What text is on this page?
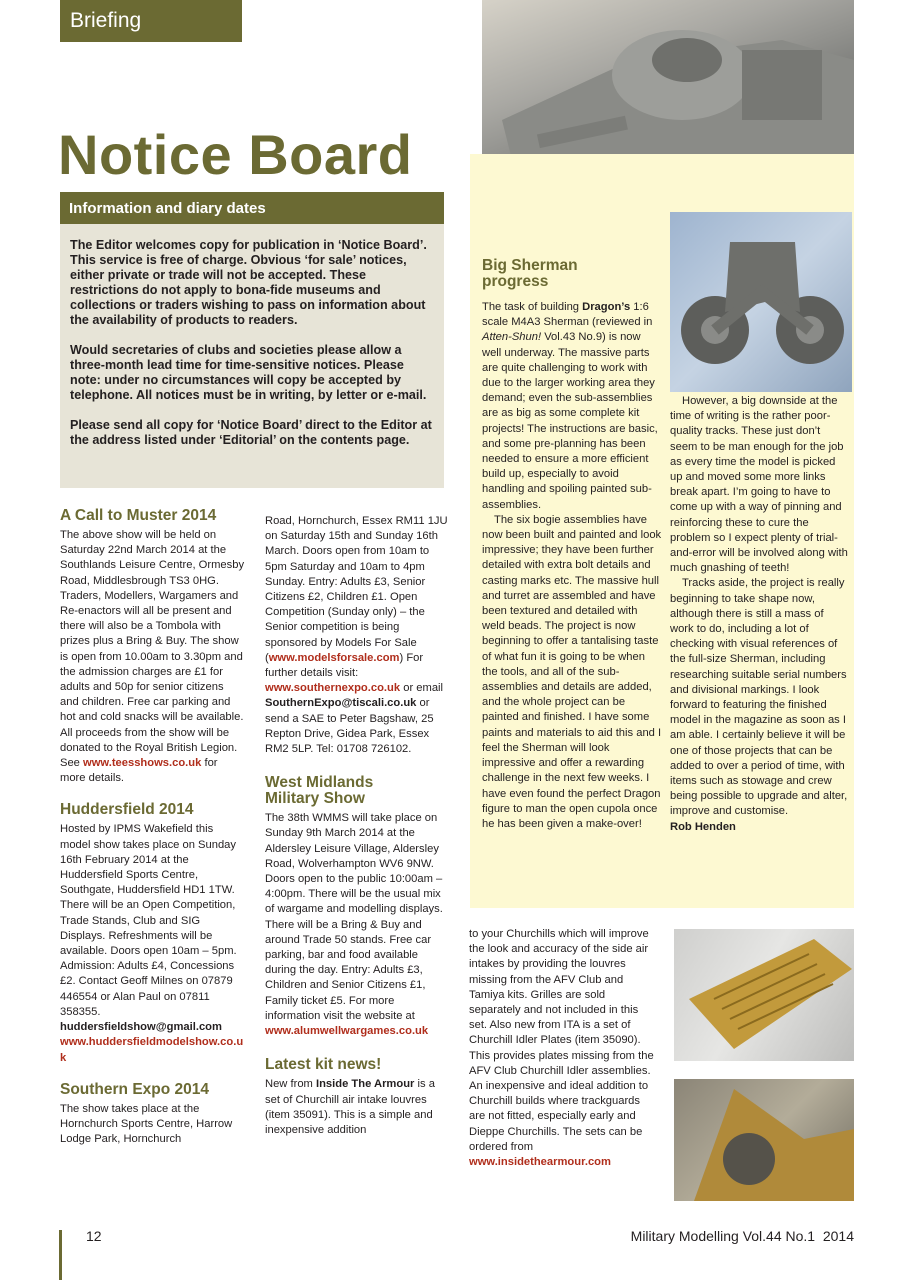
Briefing
Notice Board
Information and diary dates

The Editor welcomes copy for publication in ‘Notice Board’. This service is free of charge. Obvious ‘for sale’ notices, either private or trade will not be accepted. These restrictions do not apply to bona-fide museums and collections or traders wishing to pass on information about the availability of products to readers.

Would secretaries of clubs and societies please allow a three-month lead time for time-sensitive notices. Please note: under no circumstances will copy be accepted by telephone. All notices must be in writing, by letter or e-mail.

Please send all copy for ‘Notice Board’ direct to the Editor at the address listed under ‘Editorial’ on the contents page.

Big Sherman progress

The task of building Dragon’s 1:6 scale M4A3 Sherman (reviewed in Atten-Shun! Vol.43 No.9) is now well underway. The massive parts are quite challenging to work with due to the larger working area they demand; even the sub-assemblies are as big as some complete kit projects! The instructions are basic, and some pre-planning has been needed to ensure a more efficient build up, especially to avoid handling and spoiling painted sub-assemblies.

The six bogie assemblies have now been built and painted and look impressive; they have been further detailed with extra bolt details and casting marks etc. The massive hull and turret are assembled and have been textured and detailed with weld beads. The project is now beginning to offer a tantalising taste of what fun it is going to be when the tools, and all of the sub-assemblies and details are added, and the whole project can be painted and finished. I have some paints and materials to aid this and I feel the Sherman will look impressive and offer a rewarding challenge in the next few weeks. I have even found the perfect Dragon figure to man the open cupola once he has been given a make-over!

However, a big downside at the time of writing is the rather poor-quality tracks. These just don’t seem to be man enough for the job as every time the model is picked up and moved some more links break apart. I’m going to have to come up with a way of pinning and reinforcing these to cure the problem so I expect plenty of trial-and-error will be involved along with much gnashing of teeth!

Tracks aside, the project is really beginning to take shape now, although there is still a mass of work to do, including a lot of checking with visual references of the full-size Sherman, including researching suitable serial numbers and divisional markings. I look forward to featuring the finished model in the magazine as soon as I am able. I certainly believe it will be one of those projects that can be added to over a period of time, with items such as stowage and crew being possible to upgrade and alter, improve and customise.

Rob Henden

A Call to Muster 2014

The above show will be held on Saturday 22nd March 2014 at the Southlands Leisure Centre, Ormesby Road, Middlesbrough TS3 0HG. Traders, Modellers, Wargamers and Re-enactors will all be present and there will also be a Tombola with prizes plus a Bring & Buy. The show is open from 10.00am to 3.30pm and the admission charges are £1 for adults and 50p for senior citizens and children. Free car parking and hot and cold snacks will be available. All proceeds from the show will be donated to the Royal British Legion. See www.teesshows.co.uk for more details.

Huddersfield 2014

Hosted by IPMS Wakefield this model show takes place on Sunday 16th February 2014 at the Huddersfield Sports Centre, Southgate, Huddersfield HD1 1TW. There will be an Open Competition, Trade Stands, Club and SIG Displays. Refreshments will be available. Doors open 10am – 5pm. Admission: Adults £4, Concessions £2. Contact Geoff Milnes on 07879 446554 or Alan Paul on 07811 358355.

huddersfieldshow@gmail.com

www.huddersfieldmodelshow.co.uk

Southern Expo 2014

The show takes place at the Hornchurch Sports Centre, Harrow Lodge Park, Hornchurch

Road, Hornchurch, Essex RM11 1JU on Saturday 15th and Sunday 16th March. Doors open from 10am to 5pm Saturday and 10am to 4pm Sunday. Entry: Adults £3, Senior Citizens £2, Children £1. Open Competition (Sunday only) – the Senior competition is being sponsored by Models For Sale (www.modelsforsale.com) For further details visit: www.southernexpo.co.uk or email SouthernExpo@tiscali.co.uk or send a SAE to Peter Bagshaw, 25 Repton Drive, Gidea Park, Essex RM2 5LP. Tel: 01708 726102.

West Midlands Military Show

The 38th WMMS will take place on Sunday 9th March 2014 at the Aldersley Leisure Village, Aldersley Road, Wolverhampton WV6 9NW. Doors open to the public 10:00am – 4:00pm. There will be the usual mix of wargame and modelling displays. There will be a Bring & Buy and around Trade 50 stands. Free car parking, bar and food available during the day. Entry: Adults £3, Children and Senior Citizens £1, Family ticket £5. For more information visit the website at

www.alumwellwargames.co.uk

Latest kit news!

New from Inside The Armour is a set of Churchill air intake louvres (item 35091). This is a simple and inexpensive addition

to your Churchills which will improve the look and accuracy of the side air intakes by providing the louvres missing from the AFV Club and Tamiya kits. Grilles are sold separately and not included in this set. Also new from ITA is a set of Churchill Idler Plates (item 35090). This provides plates missing from the AFV Club Churchill Idler assemblies. An inexpensive and ideal addition to Churchill builds where trackguards are not fitted, especially early and Dieppe Churchills. The sets can be ordered from

www.insidethearmour.com

12	Military Modelling Vol.44 No.1  2014
